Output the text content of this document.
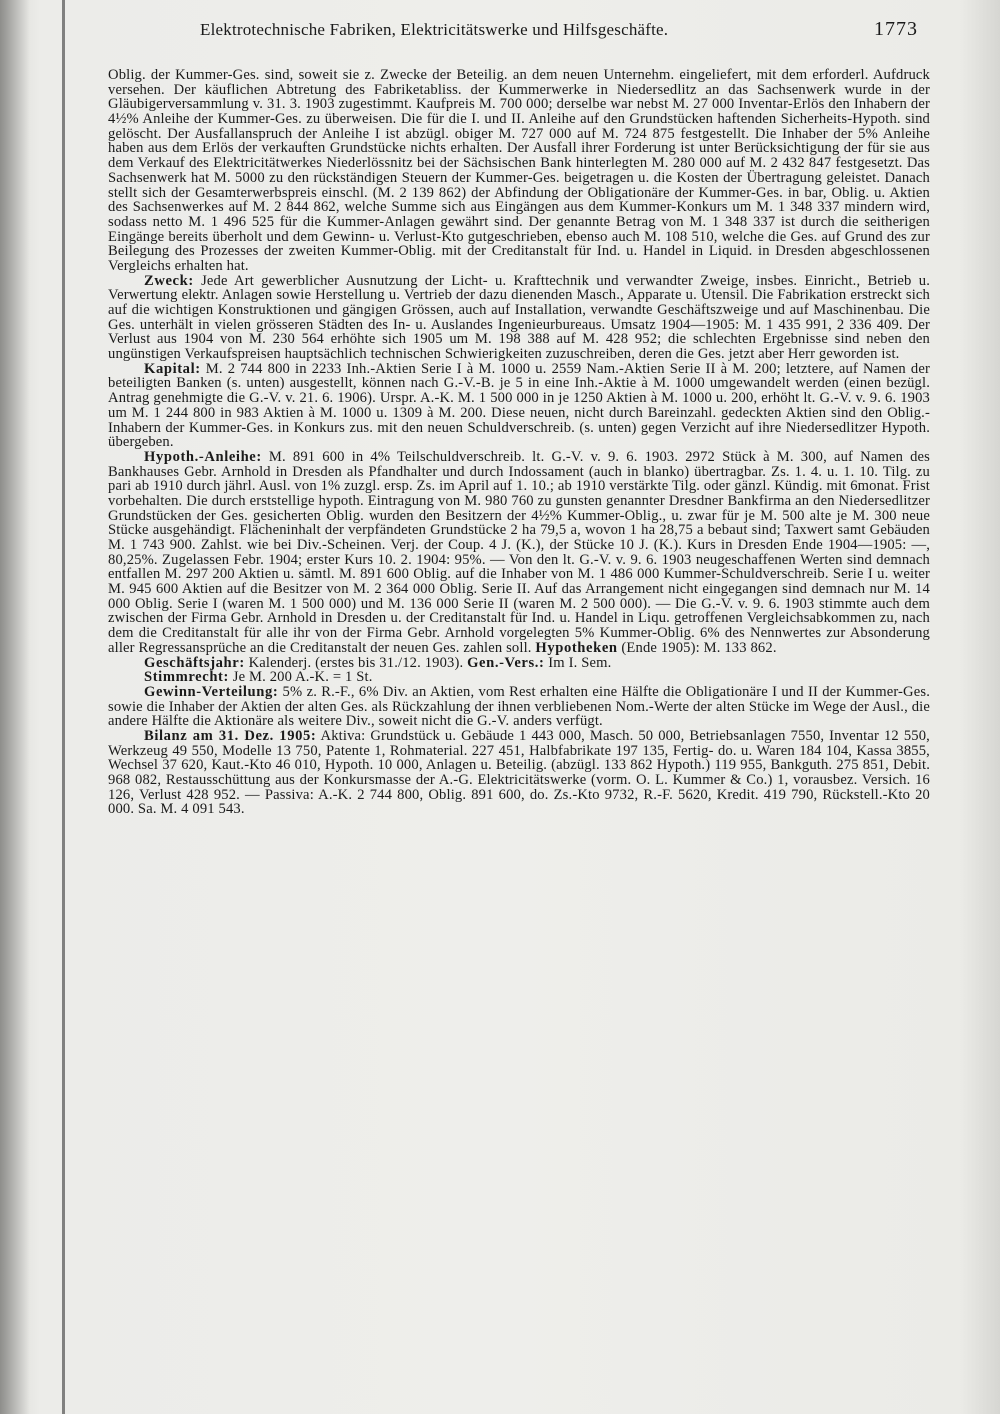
Elektrotechnische Fabriken, Elektricitätswerke und Hilfsgeschäfte.	1773

Oblig. der Kummer-Ges. sind, soweit sie z. Zwecke der Beteilig. an dem neuen Unternehm. eingeliefert, mit dem erforderl. Aufdruck versehen. Der käuflichen Abtretung des Fabriketabliss. der Kummerwerke in Niedersedlitz an das Sachsenwerk wurde in der Gläubigerversammlung v. 31. 3. 1903 zugestimmt. Kaufpreis M. 700 000; derselbe war nebst M. 27 000 Inventar-Erlös den Inhabern der 4½% Anleihe der Kummer-Ges. zu überweisen. Die für die I. und II. Anleihe auf den Grundstücken haftenden Sicherheits-Hypoth. sind gelöscht. Der Ausfallanspruch der Anleihe I ist abzügl. obiger M. 727 000 auf M. 724 875 festgestellt. Die Inhaber der 5% Anleihe haben aus dem Erlös der verkauften Grundstücke nichts erhalten. Der Ausfall ihrer Forderung ist unter Berücksichtigung der für sie aus dem Verkauf des Elektricitätwerkes Niederlössnitz bei der Sächsischen Bank hinterlegten M. 280 000 auf M. 2 432 847 festgesetzt. Das Sachsenwerk hat M. 5000 zu den rückständigen Steuern der Kummer-Ges. beigetragen u. die Kosten der Übertragung geleistet. Danach stellt sich der Gesamterwerbspreis einschl. (M. 2 139 862) der Abfindung der Obligationäre der Kummer-Ges. in bar, Oblig. u. Aktien des Sachsenwerkes auf M. 2 844 862, welche Summe sich aus Eingängen aus dem Kummer-Konkurs um M. 1 348 337 mindern wird, sodass netto M. 1 496 525 für die Kummer-Anlagen gewährt sind. Der genannte Betrag von M. 1 348 337 ist durch die seitherigen Eingänge bereits überholt und dem Gewinn- u. Verlust-Kto gutgeschrieben, ebenso auch M. 108 510, welche die Ges. auf Grund des zur Beilegung des Prozesses der zweiten Kummer-Oblig. mit der Creditanstalt für Ind. u. Handel in Liquid. in Dresden abgeschlossenen Vergleichs erhalten hat.

Zweck: Jede Art gewerblicher Ausnutzung der Licht- u. Krafttechnik und verwandter Zweige, insbes. Einricht., Betrieb u. Verwertung elektr. Anlagen sowie Herstellung u. Vertrieb der dazu dienenden Masch., Apparate u. Utensil. Die Fabrikation erstreckt sich auf die wichtigen Konstruktionen und gängigen Grössen, auch auf Installation, verwandte Geschäftszweige und auf Maschinenbau. Die Ges. unterhält in vielen grösseren Städten des In- u. Auslandes Ingenieurbureaus. Umsatz 1904—1905: M. 1 435 991, 2 336 409. Der Verlust aus 1904 von M. 230 564 erhöhte sich 1905 um M. 198 388 auf M. 428 952; die schlechten Ergebnisse sind neben den ungünstigen Verkaufspreisen hauptsächlich technischen Schwierigkeiten zuzuschreiben, deren die Ges. jetzt aber Herr geworden ist.

Kapital: M. 2 744 800 in 2233 Inh.-Aktien Serie I à M. 1000 u. 2559 Nam.-Aktien Serie II à M. 200; letztere, auf Namen der beteiligten Banken (s. unten) ausgestellt, können nach G.-V.-B. je 5 in eine Inh.-Aktie à M. 1000 umgewandelt werden (einen bezügl. Antrag genehmigte die G.-V. v. 21. 6. 1906). Urspr. A.-K. M. 1 500 000 in je 1250 Aktien à M. 1000 u. 200, erhöht lt. G.-V. v. 9. 6. 1903 um M. 1 244 800 in 983 Aktien à M. 1000 u. 1309 à M. 200. Diese neuen, nicht durch Bareinzahl. gedeckten Aktien sind den Oblig.-Inhabern der Kummer-Ges. in Konkurs zus. mit den neuen Schuldverschreib. (s. unten) gegen Verzicht auf ihre Niedersedlitzer Hypoth. übergeben.

Hypoth.-Anleihe: M. 891 600 in 4% Teilschuldverschreib. lt. G.-V. v. 9. 6. 1903. 2972 Stück à M. 300, auf Namen des Bankhauses Gebr. Arnhold in Dresden als Pfandhalter und durch Indossament (auch in blanko) übertragbar. Zs. 1. 4. u. 1. 10. Tilg. zu pari ab 1910 durch jährl. Ausl. von 1% zuzgl. ersp. Zs. im April auf 1. 10.; ab 1910 verstärkte Tilg. oder gänzl. Kündig. mit 6monat. Frist vorbehalten. Die durch erststellige hypoth. Eintragung von M. 980 760 zu gunsten genannter Dresdner Bankfirma an den Niedersedlitzer Grundstücken der Ges. gesicherten Oblig. wurden den Besitzern der 4½% Kummer-Oblig., u. zwar für je M. 500 alte je M. 300 neue Stücke ausgehändigt. Flächeninhalt der verpfändeten Grundstücke 2 ha 79,5 a, wovon 1 ha 28,75 a bebaut sind; Taxwert samt Gebäuden M. 1 743 900. Zahlst. wie bei Div.-Scheinen. Verj. der Coup. 4 J. (K.), der Stücke 10 J. (K.). Kurs in Dresden Ende 1904—1905: —, 80,25%. Zugelassen Febr. 1904; erster Kurs 10. 2. 1904: 95%. — Von den lt. G.-V. v. 9. 6. 1903 neugeschaffenen Werten sind demnach entfallen M. 297 200 Aktien u. sämtl. M. 891 600 Oblig. auf die Inhaber von M. 1 486 000 Kummer-Schuldverschreib. Serie I u. weiter M. 945 600 Aktien auf die Besitzer von M. 2 364 000 Oblig. Serie II. Auf das Arrangement nicht eingegangen sind demnach nur M. 14 000 Oblig. Serie I (waren M. 1 500 000) und M. 136 000 Serie II (waren M. 2 500 000). — Die G.-V. v. 9. 6. 1903 stimmte auch dem zwischen der Firma Gebr. Arnhold in Dresden u. der Creditanstalt für Ind. u. Handel in Liqu. getroffenen Vergleichsabkommen zu, nach dem die Creditanstalt für alle ihr von der Firma Gebr. Arnhold vorgelegten 5% Kummer-Oblig. 6% des Nennwertes zur Absonderung aller Regressansprüche an die Creditanstalt der neuen Ges. zahlen soll. Hypotheken (Ende 1905): M. 133 862.

Geschäftsjahr: Kalenderj. (erstes bis 31./12. 1903). Gen.-Vers.: Im I. Sem.

Stimmrecht: Je M. 200 A.-K. = 1 St.

Gewinn-Verteilung: 5% z. R.-F., 6% Div. an Aktien, vom Rest erhalten eine Hälfte die Obligationäre I und II der Kummer-Ges. sowie die Inhaber der Aktien der alten Ges. als Rückzahlung der ihnen verbliebenen Nom.-Werte der alten Stücke im Wege der Ausl., die andere Hälfte die Aktionäre als weitere Div., soweit nicht die G.-V. anders verfügt.

Bilanz am 31. Dez. 1905: Aktiva: Grundstück u. Gebäude 1 443 000, Masch. 50 000, Betriebsanlagen 7550, Inventar 12 550, Werkzeug 49 550, Modelle 13 750, Patente 1, Rohmaterial. 227 451, Halbfabrikate 197 135, Fertig- do. u. Waren 184 104, Kassa 3855, Wechsel 37 620, Kaut.-Kto 46 010, Hypoth. 10 000, Anlagen u. Beteilig. (abzügl. 133 862 Hypoth.) 119 955, Bankguth. 275 851, Debit. 968 082, Restausschüttung aus der Konkursmasse der A.-G. Elektricitätswerke (vorm. O. L. Kummer & Co.) 1, vorausbez. Versich. 16 126, Verlust 428 952. — Passiva: A.-K. 2 744 800, Oblig. 891 600, do. Zs.-Kto 9732, R.-F. 5620, Kredit. 419 790, Rückstell.-Kto 20 000. Sa. M. 4 091 543.
